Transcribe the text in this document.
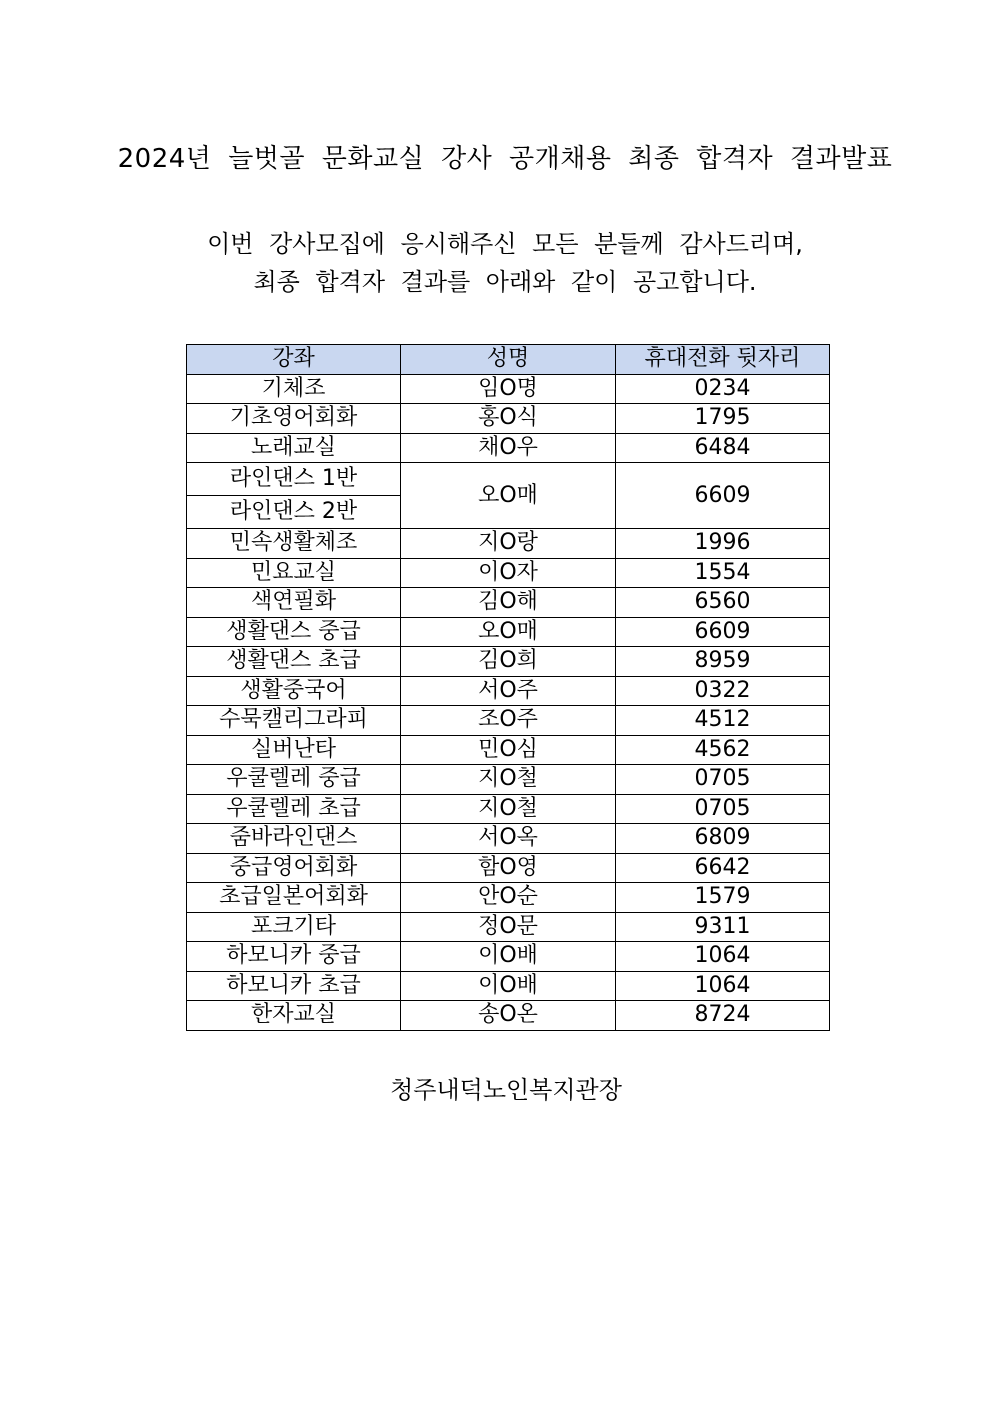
2024년 늘벗골 문화교실 강사 공개채용 최종 합격자 결과발표
이번 강사모집에 응시해주신 모든 분들께 감사드리며,
최종 합격자 결과를 아래와 같이 공고합니다.
강좌	성명	휴대전화 뒷자리
기체조	임O명	0234
기초영어회화	홍O식	1795
노래교실	채O우	6484
라인댄스 1반	오O매	6609
라인댄스 2반		
민속생활체조	지O랑	1996
민요교실	이O자	1554
색연필화	김O해	6560
생활댄스 중급	오O매	6609
생활댄스 초급	김O희	8959
생활중국어	서O주	0322
수묵캘리그라피	조O주	4512
실버난타	민O심	4562
우쿨렐레 중급	지O철	0705
우쿨렐레 초급	지O철	0705
줌바라인댄스	서O옥	6809
중급영어회화	함O영	6642
초급일본어회화	안O순	1579
포크기타	정O문	9311
하모니카 중급	이O배	1064
하모니카 초급	이O배	1064
한자교실	송O온	8724
청주내덕노인복지관장
